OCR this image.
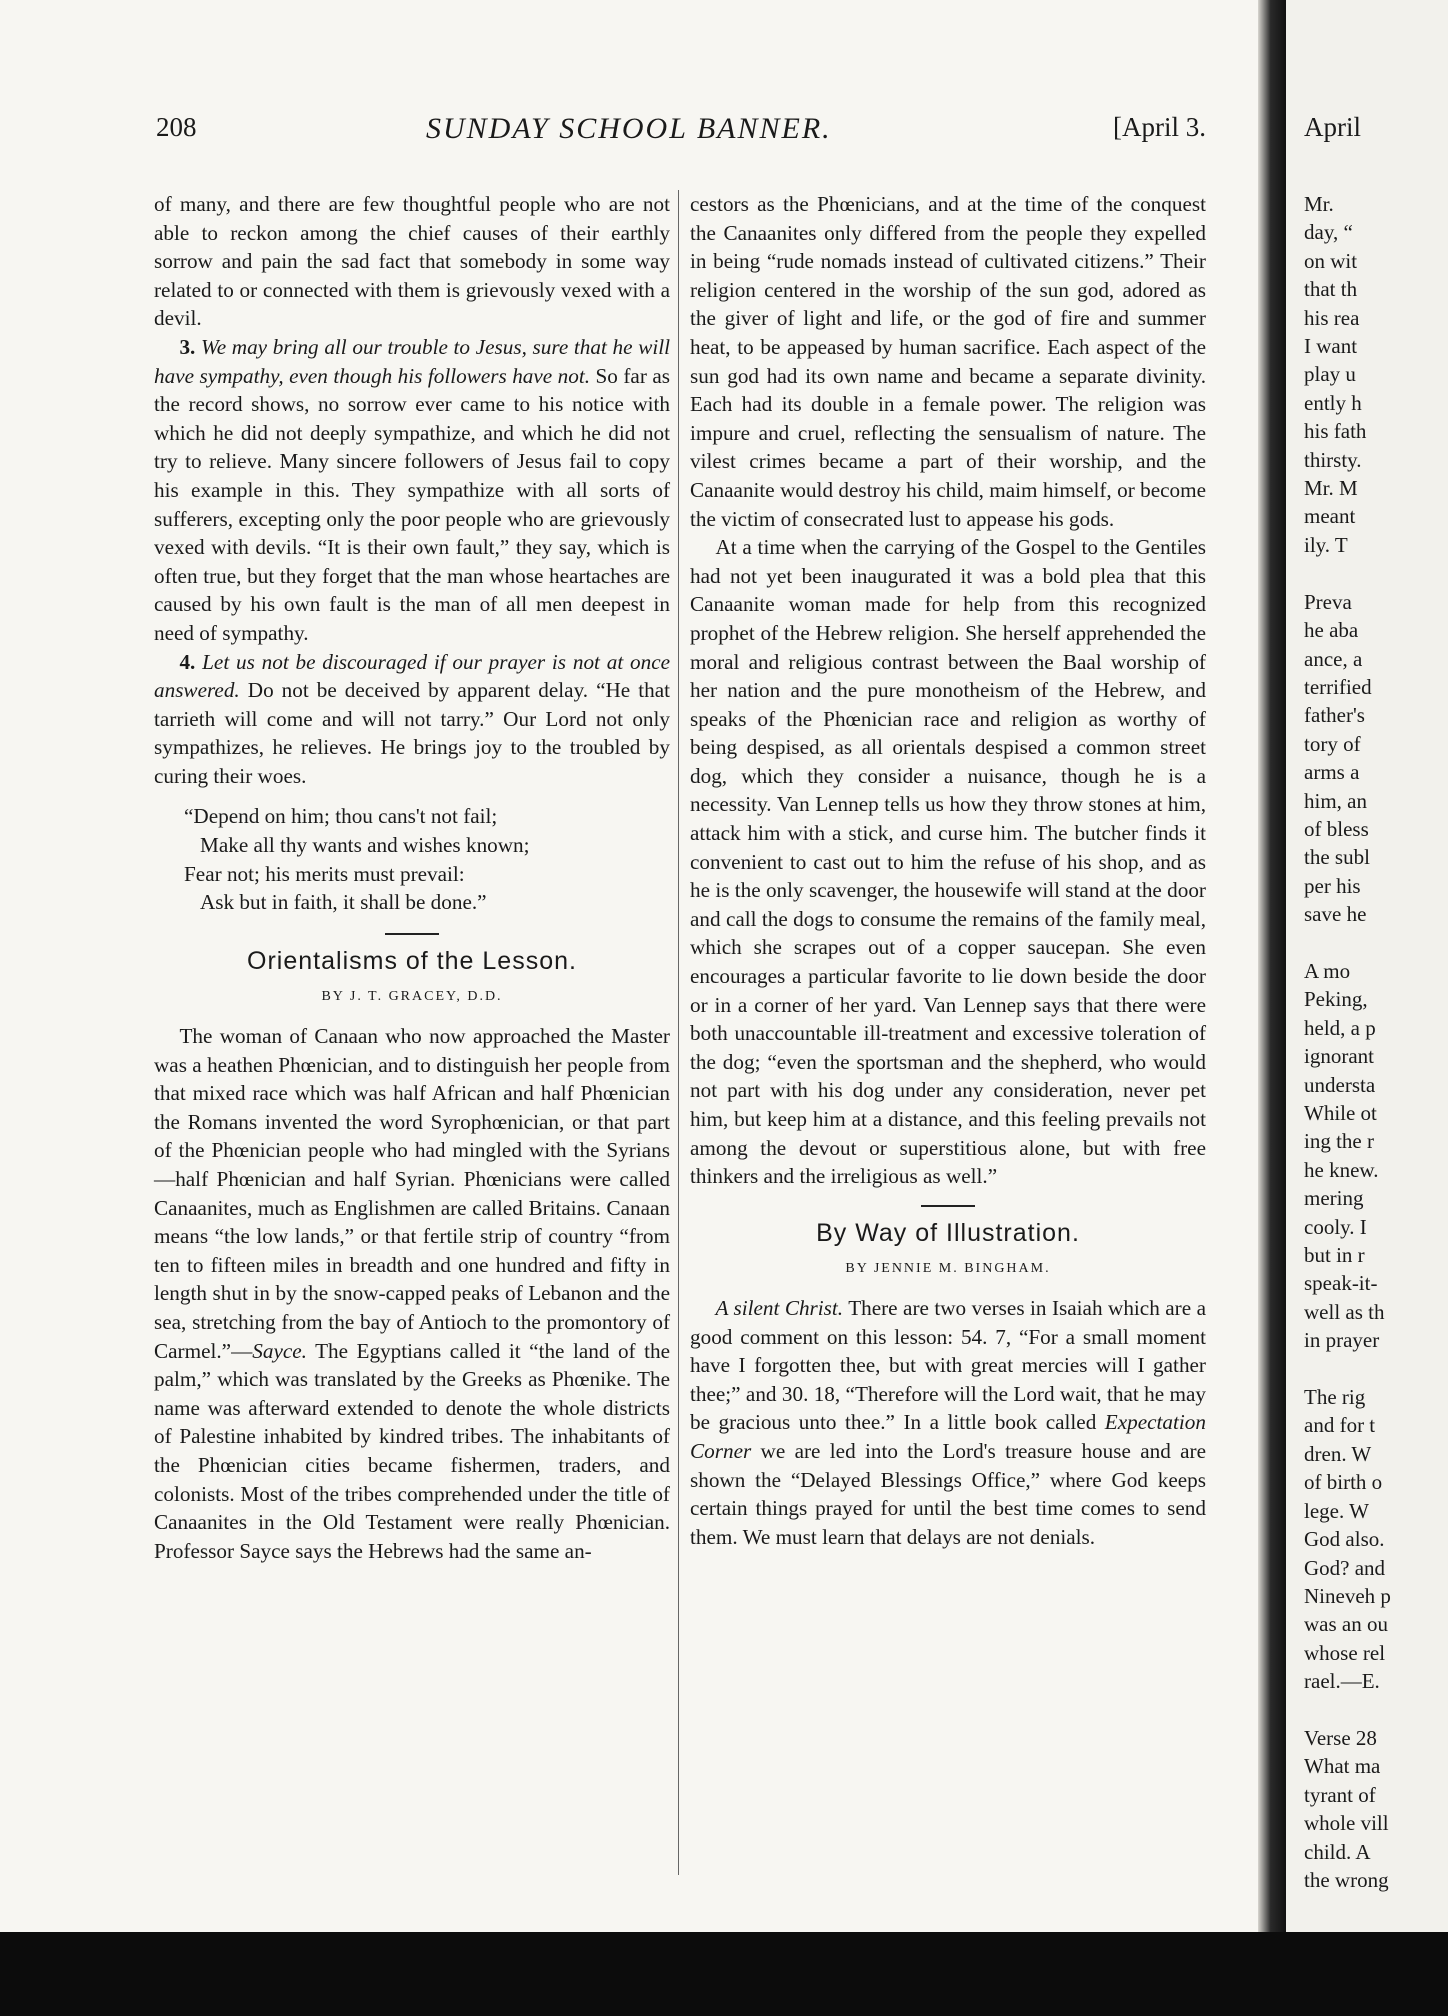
208	SUNDAY SCHOOL BANNER.	[April 3.

of many, and there are few thoughtful people who are not able to reckon among the chief causes of their earthly sorrow and pain the sad fact that somebody in some way related to or connected with them is grievously vexed with a devil.

3. We may bring all our trouble to Jesus, sure that he will have sympathy, even though his followers have not. So far as the record shows, no sorrow ever came to his notice with which he did not deeply sympathize, and which he did not try to relieve. Many sincere followers of Jesus fail to copy his example in this. They sympathize with all sorts of sufferers, excepting only the poor people who are grievously vexed with devils. “It is their own fault,” they say, which is often true, but they forget that the man whose heartaches are caused by his own fault is the man of all men deepest in need of sympathy.

4. Let us not be discouraged if our prayer is not at once answered. Do not be deceived by apparent delay. “He that tarrieth will come and will not tarry.” Our Lord not only sympathizes, he relieves. He brings joy to the troubled by curing their woes.

“Depend on him; thou cans't not fail;
Make all thy wants and wishes known;
Fear not; his merits must prevail:
Ask but in faith, it shall be done.”
Orientalisms of the Lesson.
BY J. T. GRACEY, D.D.

The woman of Canaan who now approached the Master was a heathen Phœnician, and to distinguish her people from that mixed race which was half African and half Phœnician the Romans invented the word Syrophœnician, or that part of the Phœnician people who had mingled with the Syrians—half Phœnician and half Syrian. Phœnicians were called Canaanites, much as Englishmen are called Britains. Canaan means “the low lands,” or that fertile strip of country “from ten to fifteen miles in breadth and one hundred and fifty in length shut in by the snow-capped peaks of Lebanon and the sea, stretching from the bay of Antioch to the promontory of Carmel.”—Sayce. The Egyptians called it “the land of the palm,” which was translated by the Greeks as Phœnike. The name was afterward extended to denote the whole districts of Palestine inhabited by kindred tribes. The inhabitants of the Phœnician cities became fishermen, traders, and colonists. Most of the tribes comprehended under the title of Canaanites in the Old Testament were really Phœnician. Professor Sayce says the Hebrews had the same an-

cestors as the Phœnicians, and at the time of the conquest the Canaanites only differed from the people they expelled in being “rude nomads instead of cultivated citizens.” Their religion centered in the worship of the sun god, adored as the giver of light and life, or the god of fire and summer heat, to be appeased by human sacrifice. Each aspect of the sun god had its own name and became a separate divinity. Each had its double in a female power. The religion was impure and cruel, reflecting the sensualism of nature. The vilest crimes became a part of their worship, and the Canaanite would destroy his child, maim himself, or become the victim of consecrated lust to appease his gods.

At a time when the carrying of the Gospel to the Gentiles had not yet been inaugurated it was a bold plea that this Canaanite woman made for help from this recognized prophet of the Hebrew religion. She herself apprehended the moral and religious contrast between the Baal worship of her nation and the pure monotheism of the Hebrew, and speaks of the Phœnician race and religion as worthy of being despised, as all orientals despised a common street dog, which they consider a nuisance, though he is a necessity. Van Lennep tells us how they throw stones at him, attack him with a stick, and curse him. The butcher finds it convenient to cast out to him the refuse of his shop, and as he is the only scavenger, the housewife will stand at the door and call the dogs to consume the remains of the family meal, which she scrapes out of a copper saucepan. She even encourages a particular favorite to lie down beside the door or in a corner of her yard. Van Lennep says that there were both unaccountable ill-treatment and excessive toleration of the dog; “even the sportsman and the shepherd, who would not part with his dog under any consideration, never pet him, but keep him at a distance, and this feeling prevails not among the devout or superstitious alone, but with free thinkers and the irreligious as well.”

By Way of Illustration.
BY JENNIE M. BINGHAM.

A silent Christ. There are two verses in Isaiah which are a good comment on this lesson: 54. 7, “For a small moment have I forgotten thee, but with great mercies will I gather thee;” and 30. 18, “Therefore will the Lord wait, that he may be gracious unto thee.” In a little book called Expectation Corner we are led into the Lord's treasure house and are shown the “Delayed Blessings Office,” where God keeps certain things prayed for until the best time comes to send them. We must learn that delays are not denials.

April
Mr.
day, “
on wit
that th
his rea
I want
play u
ently h
his fath
thirsty.
Mr. M
meant
ily. T

Preva
he aba
ance, a
terrified
father's
tory of
arms a
him, an
of bless
the subl
per his
save he

A mo
Peking,
held, a p
ignorant
understa
While ot
ing the r
he knew.
mering
cooly. I
but in r
speak-it-
well as th
in prayer

The rig
and for t
dren. W
of birth o
lege. W
God also.
God? and
Nineveh p
was an ou
whose rel
rael.—E.

Verse 28
What ma
tyrant of
whole vill
child. A
the wrong
